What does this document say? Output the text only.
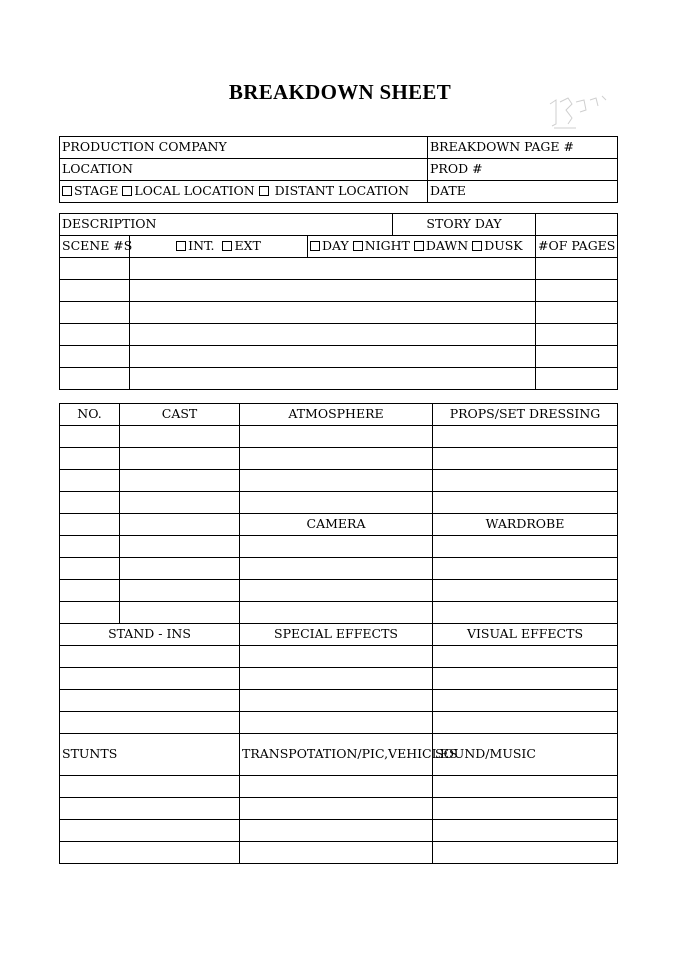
BREAKDOWN SHEET
PRODUCTION COMPANY	BREAKDOWN PAGE #
LOCATION	PROD #
STAGE LOCAL LOCATION DISTANT LOCATION	DATE
DESCRIPTION			STORY DAY	
SCENE #S	INT. EXT	DAY NIGHT DAWN DUSK		#OF PAGES

NO.	CAST	ATMOSPHERE	PROPS/SET DRESSING

		CAMERA	WARDROBE

STAND - INS		SPECIAL EFFECTS	VISUAL EFFECTS

STUNTS		TRANSPOTATION/PIC,VEHICLES	SOUND/MUSIC
